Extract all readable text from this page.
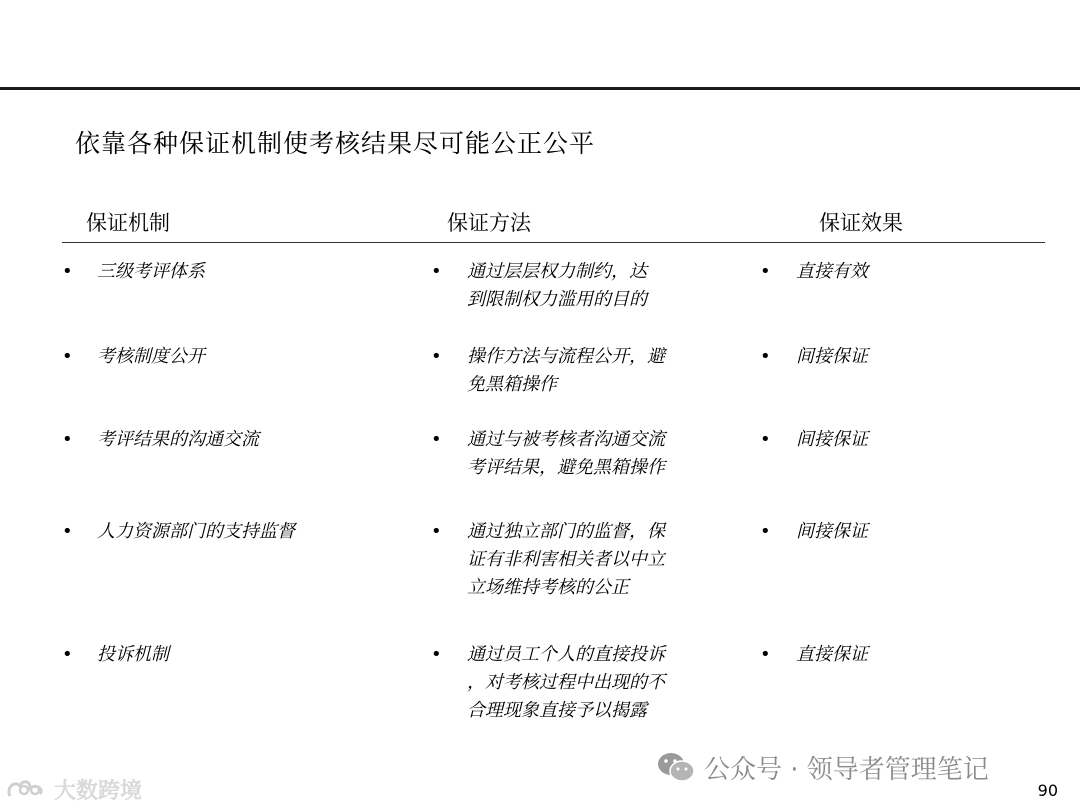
依靠各种保证机制使考核结果尽可能公正公平
保证机制	保证方法	保证效果
• 三级考评体系	• 通过层层权力制约，达
到限制权力滥用的目的
• 直接有效
• 考核制度公开	• 操作方法与流程公开，避
免黑箱操作
• 间接保证
• 考评结果的沟通交流	• 通过与被考核者沟通交流
考评结果，避免黑箱操作
• 间接保证
• 人力资源部门的支持监督	• 通过独立部门的监督，保
证有非利害相关者以中立
立场维持考核的公正
• 间接保证
• 投诉机制	• 通过员工个人的直接投诉
，对考核过程中出现的不
合理现象直接予以揭露
• 直接保证
公众号 · 领导者管理笔记
大数跨境	90
